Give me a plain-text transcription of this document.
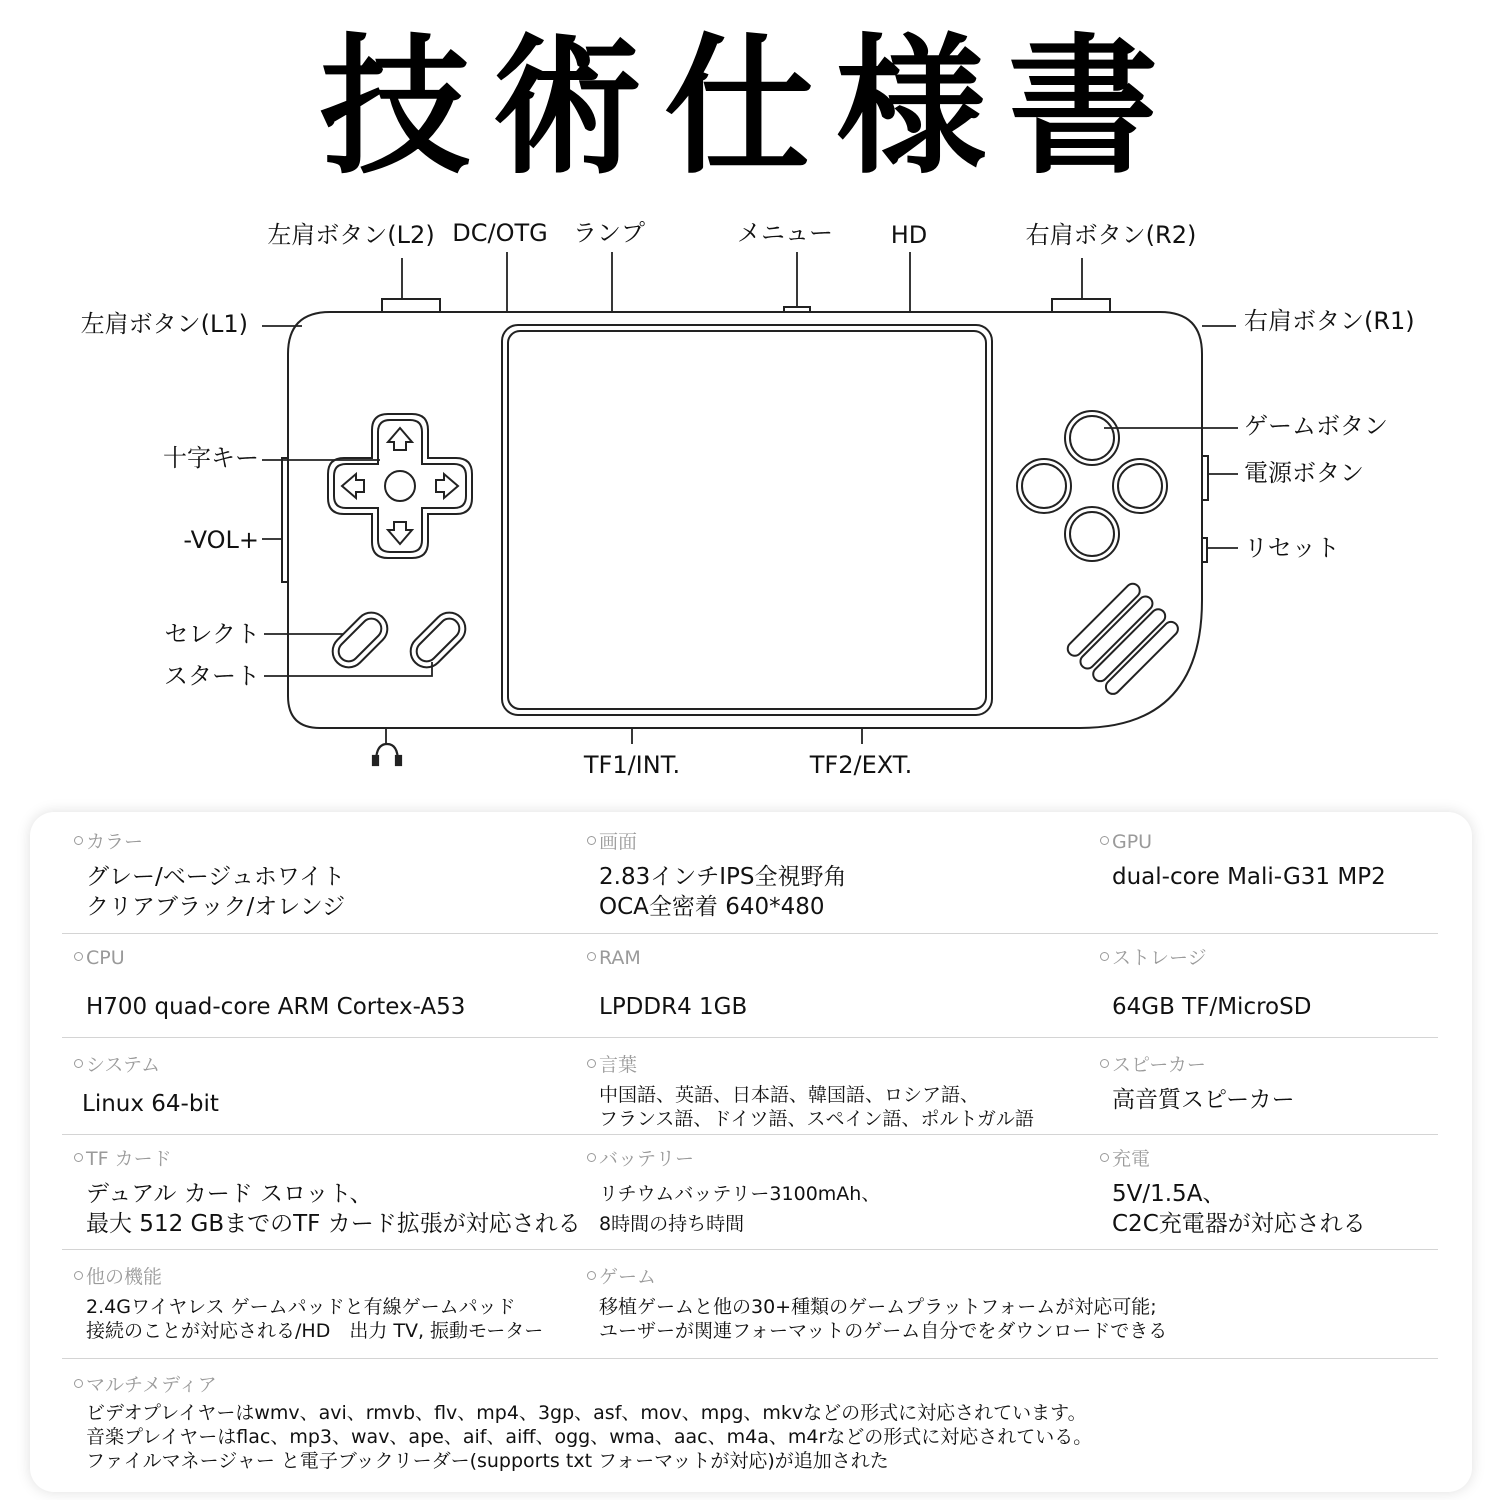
技術仕様書
左肩ボタン(L2) DC/OTG ランプ	メニュー HD	右肩ボタン(R2)
左肩ボタン(L1)	右肩ボタン(R1)
十字キー
-VOL+
セレクト
スタート
ゲームボタン
電源ボタン
リセット
TF1/INT.	TF2/EXT.
カラー
グレー/ベージュホワイト
クリアブラック/オレンジ
画面
2.83インチIPS全視野角
OCA全密着 640*480
GPU
dual-core Mali-G31 MP2
CPU
H700 quad-core ARM Cortex-A53
RAM
LPDDR4 1GB
ストレージ
64GB TF/MicroSD
システム
Linux 64-bit
言葉
中国語、英語、日本語、韓国語、ロシア語、
フランス語、ドイツ語、スペイン語、ポルトガル語
スピーカー
高音質スピーカー
TF カード
デュアル カード スロット、
最大 512 GBまでのTF カード拡張が対応される
バッテリー
リチウムバッテリー3100mAh、
8時間の持ち時間
充電
5V/1.5A、
C2C充電器が対応される
他の機能
2.4Gワイヤレス ゲームパッドと有線ゲームパッド
接続のことが対応される/HD　出力 TV, 振動モーター
ゲーム
移植ゲームと他の30+種類のゲームプラットフォームが対応可能;
ユーザーが関連フォーマットのゲーム自分でをダウンロードできる
マルチメディア
ビデオプレイヤーはwmv、avi、rmvb、flv、mp4、3gp、asf、mov、mpg、mkvなどの形式に対応されています。
音楽プレイヤーはflac、mp3、wav、ape、aif、aiff、ogg、wma、aac、m4a、m4rなどの形式に対応されている。
ファイルマネージャー と電子ブックリーダー(supports txt フォーマットが対応)が追加された
